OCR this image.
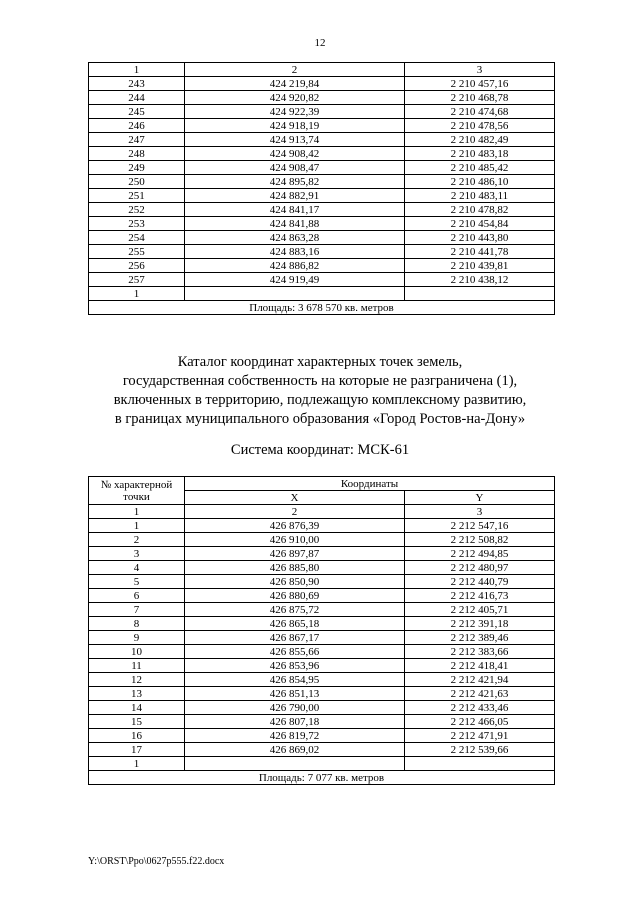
12
1	2	3
243	424 219,84	2 210 457,16
244	424 920,82	2 210 468,78
245	424 922,39	2 210 474,68
246	424 918,19	2 210 478,56
247	424 913,74	2 210 482,49
248	424 908,42	2 210 483,18
249	424 908,47	2 210 485,42
250	424 895,82	2 210 486,10
251	424 882,91	2 210 483,11
252	424 841,17	2 210 478,82
253	424 841,88	2 210 454,84
254	424 863,28	2 210 443,80
255	424 883,16	2 210 441,78
256	424 886,82	2 210 439,81
257	424 919,49	2 210 438,12
1		
Площадь: 3 678 570 кв. метров		
Каталог координат характерных точек земель,
государственная собственность на которые не разграничена (1),
включенных в территорию, подлежащую комплексному развитию,
в границах муниципального образования «Город Ростов-на-Дону»
Система координат: МСК-61
№ характерной
точки	Координаты	
	X	Y
1	2	3
1	426 876,39	2 212 547,16
2	426 910,00	2 212 508,82
3	426 897,87	2 212 494,85
4	426 885,80	2 212 480,97
5	426 850,90	2 212 440,79
6	426 880,69	2 212 416,73
7	426 875,72	2 212 405,71
8	426 865,18	2 212 391,18
9	426 867,17	2 212 389,46
10	426 855,66	2 212 383,66
11	426 853,96	2 212 418,41
12	426 854,95	2 212 421,94
13	426 851,13	2 212 421,63
14	426 790,00	2 212 433,46
15	426 807,18	2 212 466,05
16	426 819,72	2 212 471,91
17	426 869,02	2 212 539,66
1		
Площадь: 7 077 кв. метров		
Y:\ORST\Ppo\0627p555.f22.docx
